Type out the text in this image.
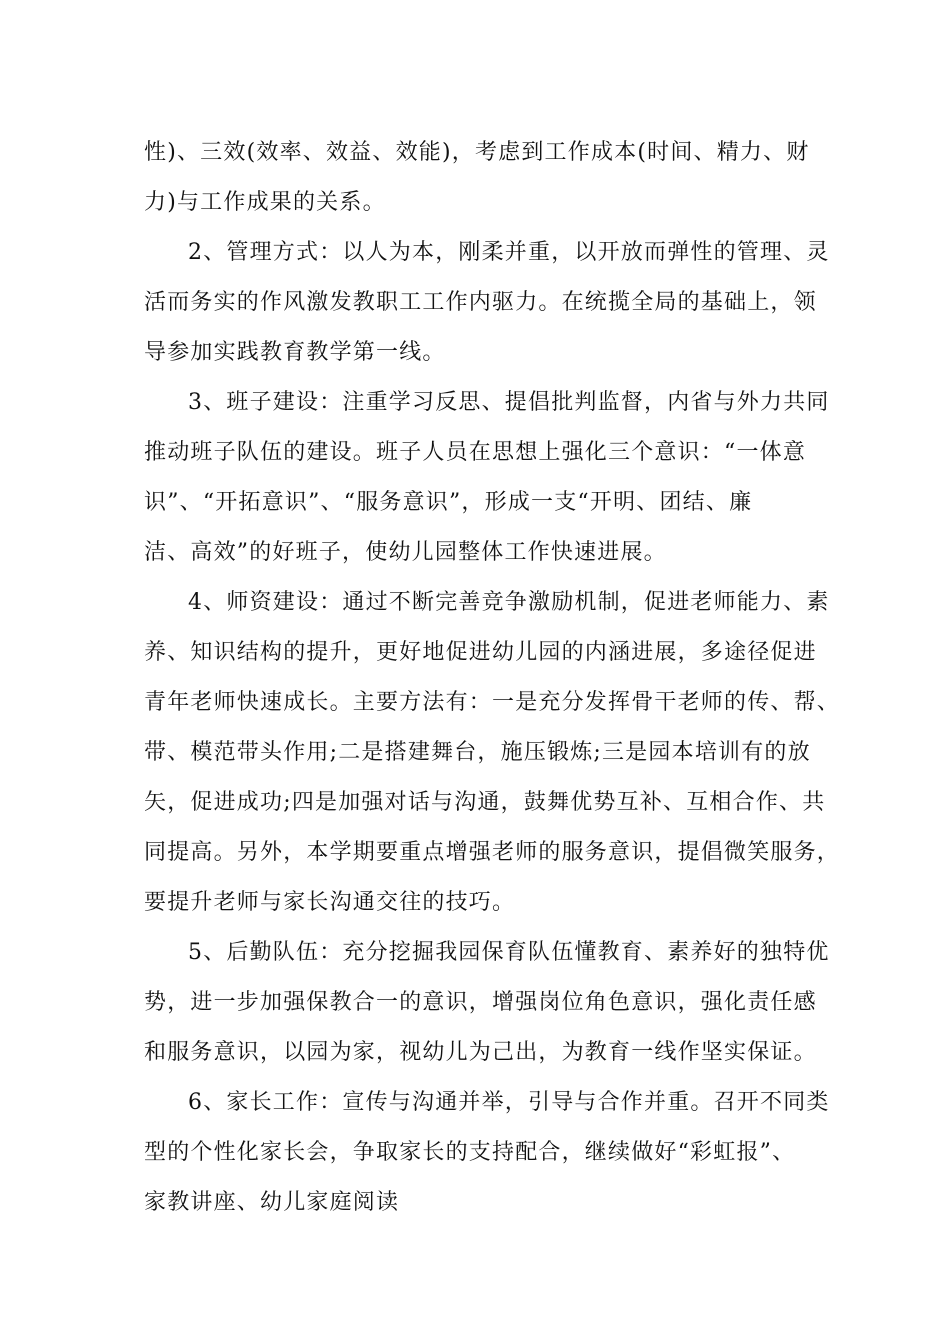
性)、三效(效率、效益、效能)，考虑到工作成本(时间、精力、财
力)与工作成果的关系。
2、管理方式：以人为本，刚柔并重，以开放而弹性的管理、灵
活而务实的作风激发教职工工作内驱力。在统揽全局的基础上，领
导参加实践教育教学第一线。
3、班子建设：注重学习反思、提倡批判监督，内省与外力共同
推动班子队伍的建设。班子人员在思想上强化三个意识：“一体意
识”、“开拓意识”、“服务意识”，形成一支“开明、团结、廉
洁、高效”的好班子，使幼儿园整体工作快速进展。
4、师资建设：通过不断完善竞争激励机制，促进老师能力、素
养、知识结构的提升，更好地促进幼儿园的内涵进展，多途径促进
青年老师快速成长。主要方法有：一是充分发挥骨干老师的传、帮、
带、模范带头作用;二是搭建舞台，施压锻炼;三是园本培训有的放
矢，促进成功;四是加强对话与沟通，鼓舞优势互补、互相合作、共
同提高。另外，本学期要重点增强老师的服务意识，提倡微笑服务，
要提升老师与家长沟通交往的技巧。
5、后勤队伍：充分挖掘我园保育队伍懂教育、素养好的独特优
势，进一步加强保教合一的意识，增强岗位角色意识，强化责任感
和服务意识，以园为家，视幼儿为己出，为教育一线作坚实保证。
6、家长工作：宣传与沟通并举，引导与合作并重。召开不同类
型的个性化家长会，争取家长的支持配合，继续做好“彩虹报”、
家教讲座、幼儿家庭阅读
